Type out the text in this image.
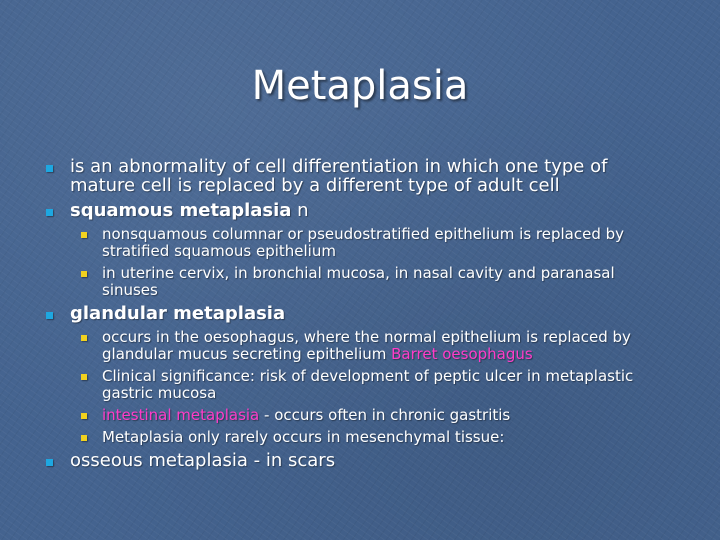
Metaplasia
is an abnormality of cell differentiation in which one type of mature cell is replaced by a different type of adult cell
squamous metaplasia n
nonsquamous columnar or pseudostratified epithelium is replaced by stratified squamous epithelium
in uterine cervix, in bronchial mucosa, in nasal cavity and paranasal sinuses
glandular metaplasia
occurs in the oesophagus, where the normal epithelium is replaced by glandular mucus secreting epithelium Barret oesophagus
Clinical significance: risk of development of peptic ulcer in metaplastic gastric mucosa
intestinal metaplasia - occurs often in chronic gastritis
Metaplasia only rarely occurs in mesenchymal tissue:
osseous metaplasia - in scars
